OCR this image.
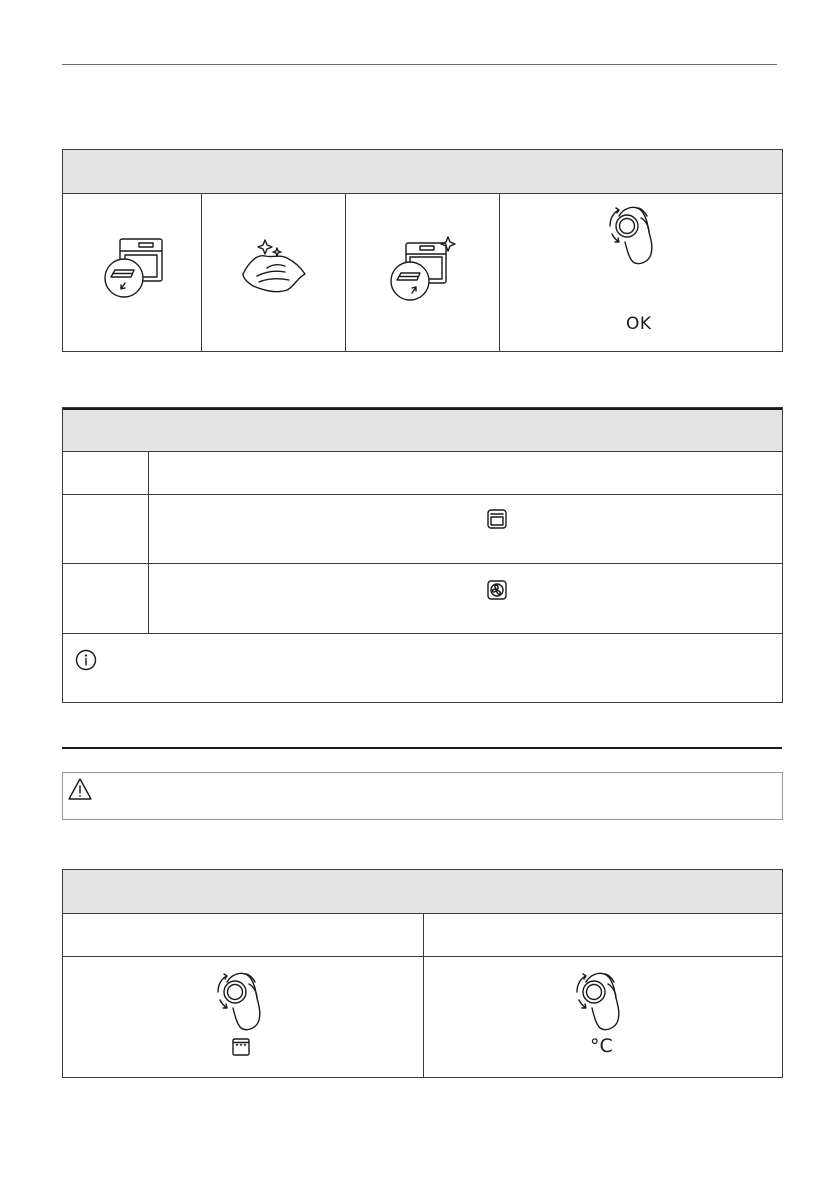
OK
°C
